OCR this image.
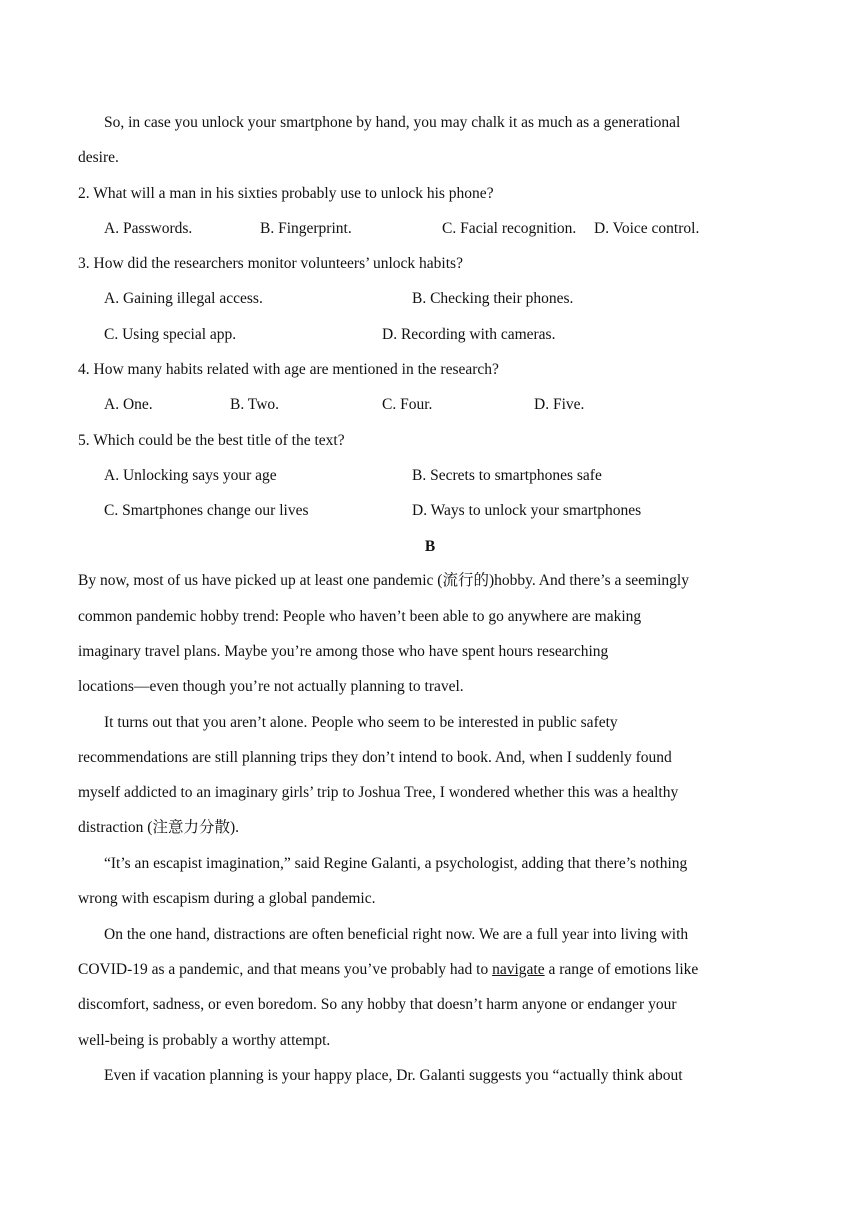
So, in case you unlock your smartphone by hand, you may chalk it as much as a generational
desire.
2. What will a man in his sixties probably use to unlock his phone?
A. Passwords.	B. Fingerprint.	C. Facial recognition. D. Voice control.
3. How did the researchers monitor volunteers’ unlock habits?
A. Gaining illegal access.	B. Checking their phones.
C. Using special app.	D. Recording with cameras.
4. How many habits related with age are mentioned in the research?
A. One.	B. Two.	C. Four.	D. Five.
5. Which could be the best title of the text?
A. Unlocking says your age	B. Secrets to smartphones safe
C. Smartphones change our lives	D. Ways to unlock your smartphones
B
By now, most of us have picked up at least one pandemic (流行的)hobby. And there’s a seemingly
common pandemic hobby trend: People who haven’t been able to go anywhere are making
imaginary travel plans. Maybe you’re among those who have spent hours researching
locations—even though you’re not actually planning to travel.
It turns out that you aren’t alone. People who seem to be interested in public safety
recommendations are still planning trips they don’t intend to book. And, when I suddenly found
myself addicted to an imaginary girls’ trip to Joshua Tree, I wondered whether this was a healthy
distraction (注意力分散).
“It’s an escapist imagination,” said Regine Galanti, a psychologist, adding that there’s nothing
wrong with escapism during a global pandemic.
On the one hand, distractions are often beneficial right now. We are a full year into living with
COVID-19 as a pandemic, and that means you’ve probably had to navigate a range of emotions like
discomfort, sadness, or even boredom. So any hobby that doesn’t harm anyone or endanger your
well-being is probably a worthy attempt.
Even if vacation planning is your happy place, Dr. Galanti suggests you “actually think about
